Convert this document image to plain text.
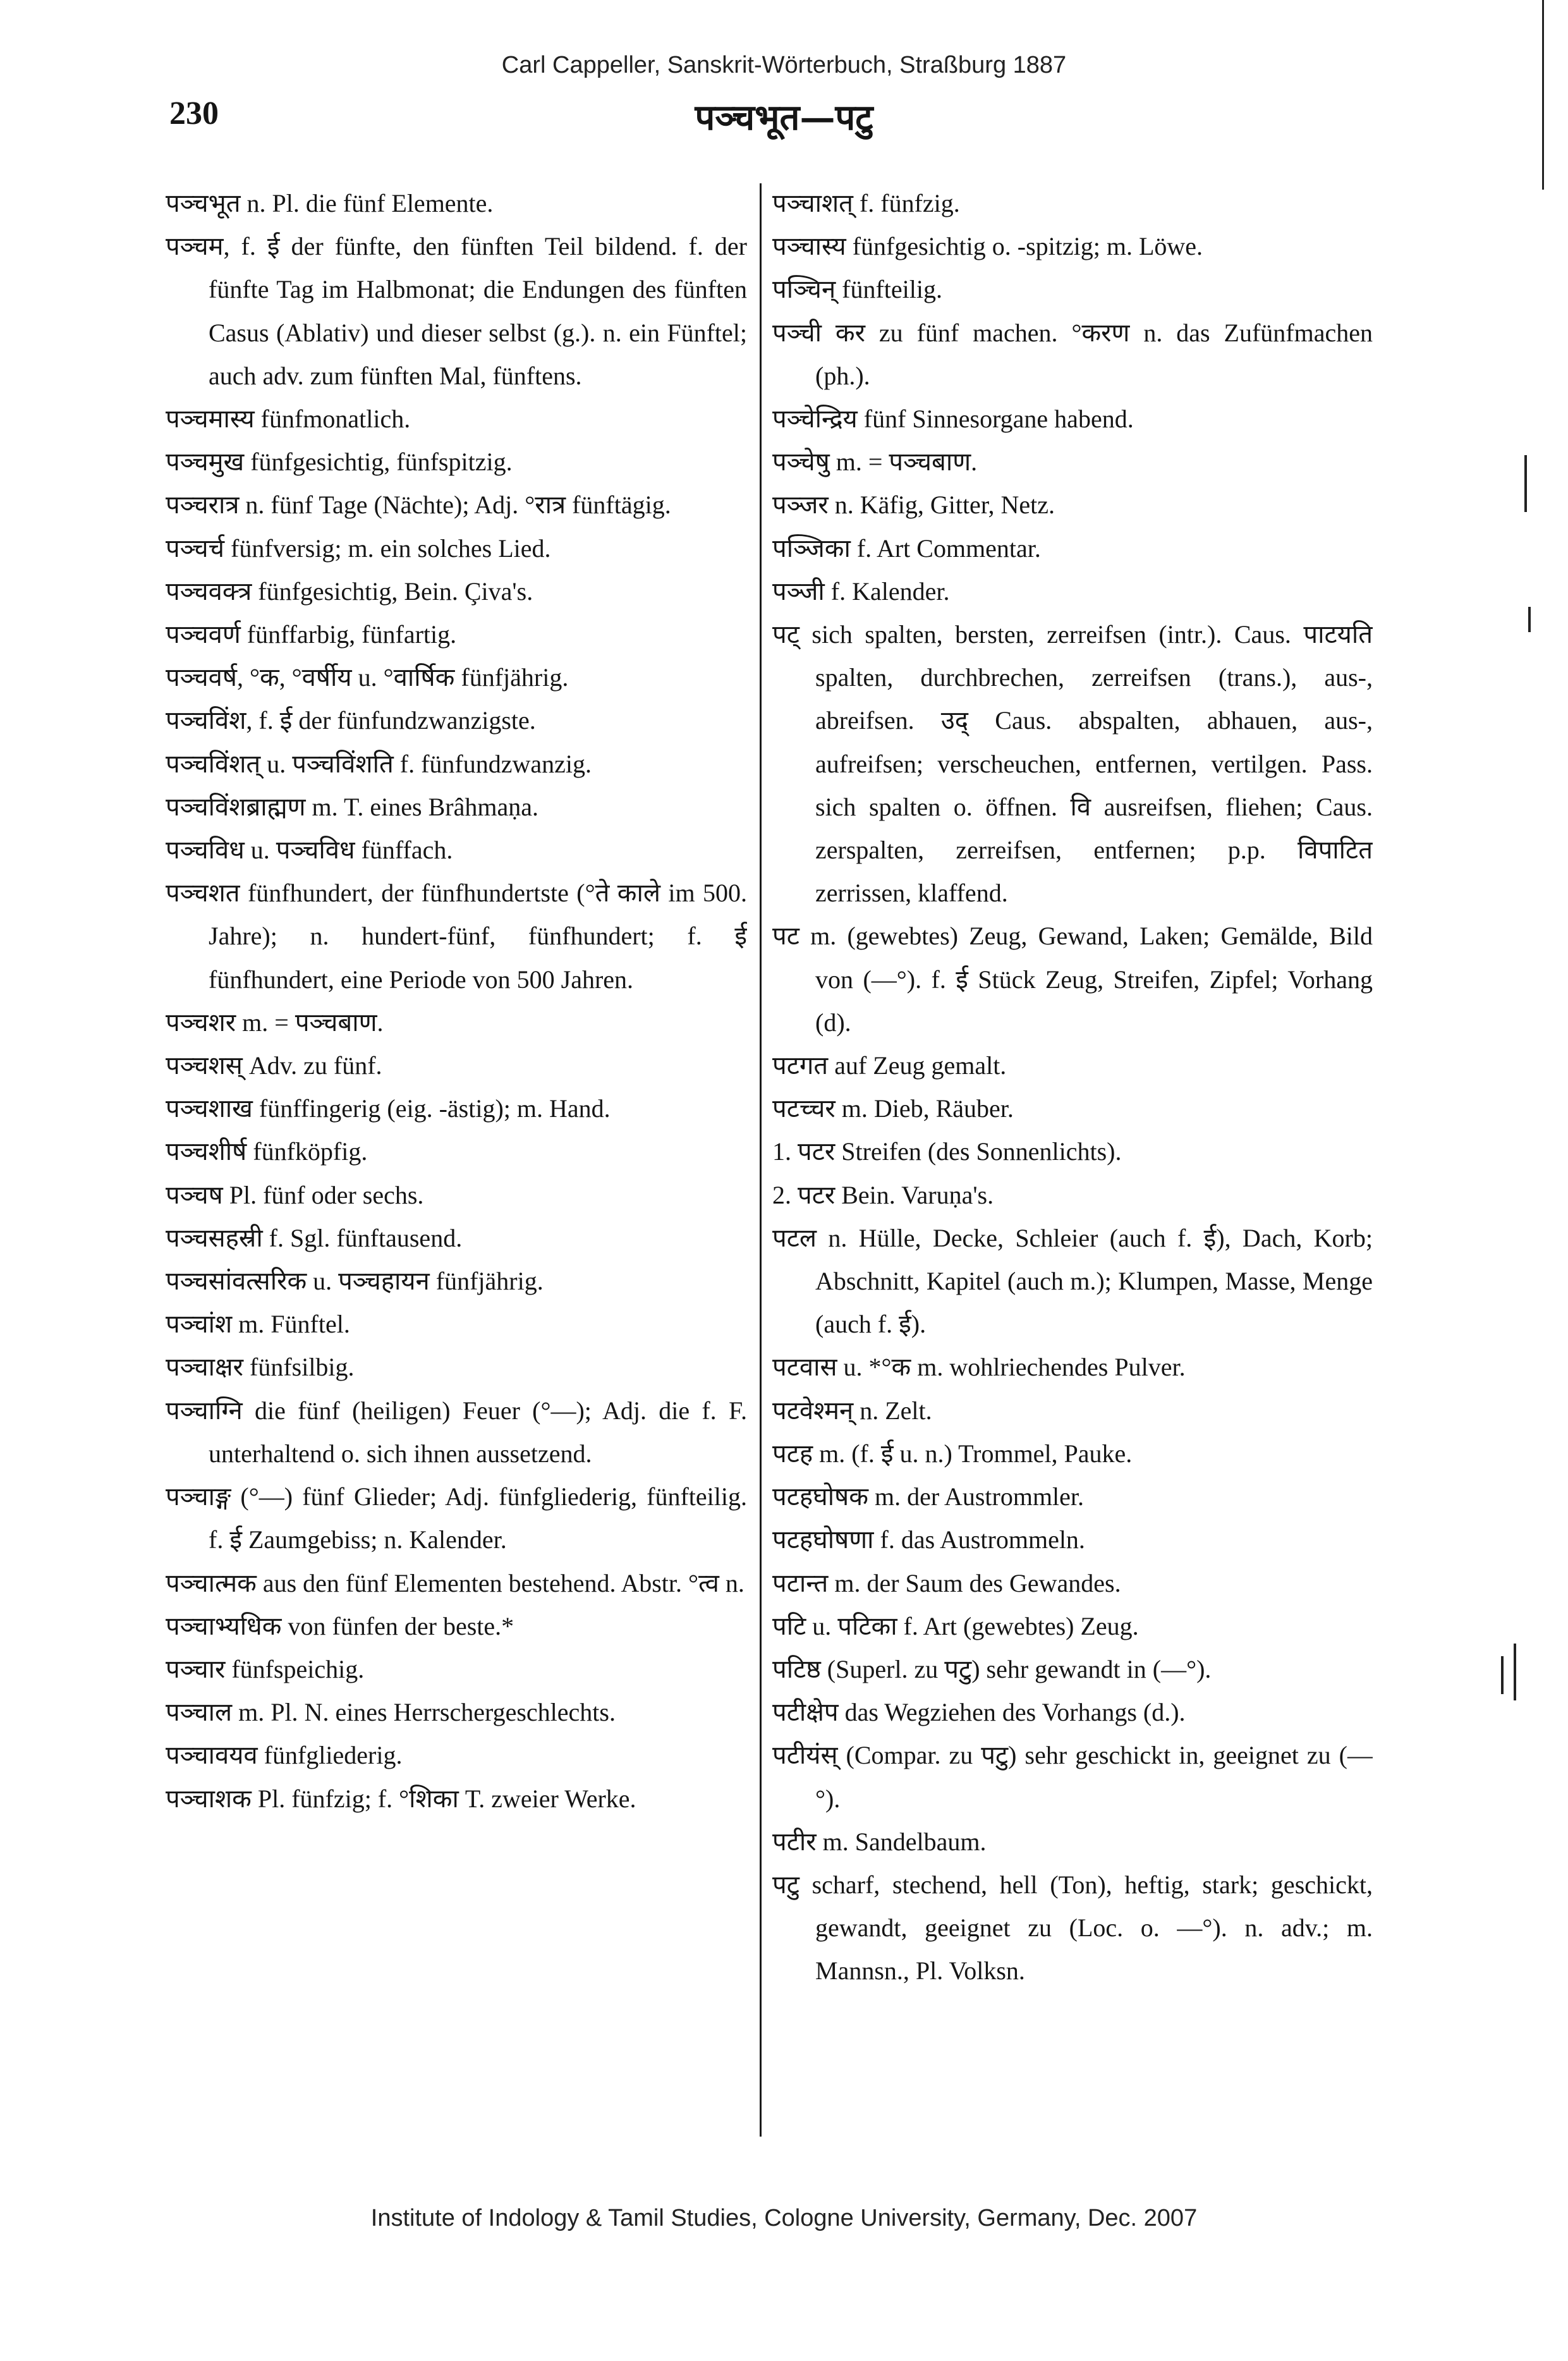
Carl Cappeller, Sanskrit-Wörterbuch, Straßburg 1887
230	पञ्चभूत—पटु

पञ्चभूत n. Pl. die fünf Elemente.

पञ्चम, f. ई der fünfte, den fünften Teil bildend. f. der fünfte Tag im Halbmonat; die Endungen des fünften Casus (Ablativ) und dieser selbst (g.). n. ein Fünftel; auch adv. zum fünften Mal, fünftens.

पञ्चमास्य fünfmonatlich.

पञ्चमुख fünfgesichtig, fünfspitzig.

पञ्चरात्र n. fünf Tage (Nächte); Adj. °रात्र fünftägig.

पञ्चर्च fünfversig; m. ein solches Lied.

पञ्चवक्त्र fünfgesichtig, Bein. Çiva's.

पञ्चवर्ण fünffarbig, fünfartig.

पञ्चवर्ष, °क, °वर्षीय u. °वार्षिक fünfjährig.

पञ्चविंश, f. ई der fünfundzwanzigste.

पञ्चविंशत् u. पञ्चविंशति f. fünfundzwanzig.

पञ्चविंशब्राह्मण m. T. eines Brâhmaṇa.

पञ्चविध u. पञ्चविध fünffach.

पञ्चशत fünfhundert, der fünfhundertste (°ते काले im 500. Jahre); n. hundert-fünf, fünfhundert; f. ई fünfhundert, eine Periode von 500 Jahren.

पञ्चशर m. = पञ्चबाण.

पञ्चशस् Adv. zu fünf.

पञ्चशाख fünffingerig (eig. -ästig); m. Hand.

पञ्चशीर्ष fünfköpfig.

पञ्चष Pl. fünf oder sechs.

पञ्चसहस्री f. Sgl. fünftausend.

पञ्चसांवत्सरिक u. पञ्चहायन fünfjährig.

पञ्चांश m. Fünftel.

पञ्चाक्षर fünfsilbig.

पञ्चाग्नि die fünf (heiligen) Feuer (°—); Adj. die f. F. unterhaltend o. sich ihnen aussetzend.

पञ्चाङ्ग (°—) fünf Glieder; Adj. fünfgliederig, fünfteilig. f. ई Zaumgebiss; n. Kalender.

पञ्चात्मक aus den fünf Elementen bestehend. Abstr. °त्व n.

पञ्चाभ्यधिक von fünfen der beste.*

पञ्चार fünfspeichig.

पञ्चाल m. Pl. N. eines Herrschergeschlechts.

पञ्चावयव fünfgliederig.

पञ्चाशक Pl. fünfzig; f. °शिका T. zweier Werke.

पञ्चाशत् f. fünfzig.

पञ्चास्य fünfgesichtig o. -spitzig; m. Löwe.

पञ्चिन् fünfteilig.

पञ्ची कर zu fünf machen. °करण n. das Zufünfmachen (ph.).

पञ्चेन्द्रिय fünf Sinnesorgane habend.

पञ्चेषु m. = पञ्चबाण.

पञ्जर n. Käfig, Gitter, Netz.

पञ्जिका f. Art Commentar.

पञ्जी f. Kalender.

पट् sich spalten, bersten, zerreifsen (intr.). Caus. पाटयति spalten, durchbrechen, zerreifsen (trans.), aus-, abreifsen. उद् Caus. abspalten, abhauen, aus-, aufreifsen; verscheuchen, entfernen, vertilgen. Pass. sich spalten o. öffnen. वि ausreifsen, fliehen; Caus. zerspalten, zerreifsen, entfernen; p.p. विपाटित zerrissen, klaffend.

पट m. (gewebtes) Zeug, Gewand, Laken; Gemälde, Bild von (—°). f. ई Stück Zeug, Streifen, Zipfel; Vorhang (d).

पटगत auf Zeug gemalt.

पटच्चर m. Dieb, Räuber.

1. पटर Streifen (des Sonnenlichts).

2. पटर Bein. Varuṇa's.

पटल n. Hülle, Decke, Schleier (auch f. ई), Dach, Korb; Abschnitt, Kapitel (auch m.); Klumpen, Masse, Menge (auch f. ई).

पटवास u. *°क m. wohlriechendes Pulver.

पटवेश्मन् n. Zelt.

पटह m. (f. ई u. n.) Trommel, Pauke.

पटहघोषक m. der Austrommler.

पटहघोषणा f. das Austrommeln.

पटान्त m. der Saum des Gewandes.

पटि u. पटिका f. Art (gewebtes) Zeug.

पटिष्ठ (Superl. zu पटु) sehr gewandt in (—°).

पटीक्षेप das Wegziehen des Vorhangs (d.).

पटीयंस् (Compar. zu पटु) sehr geschickt in, geeignet zu (—°).

पटीर m. Sandelbaum.

पटु scharf, stechend, hell (Ton), heftig, stark; geschickt, gewandt, geeignet zu (Loc. o. —°). n. adv.; m. Mannsn., Pl. Volksn.

Institute of Indology & Tamil Studies, Cologne University, Germany, Dec. 2007
